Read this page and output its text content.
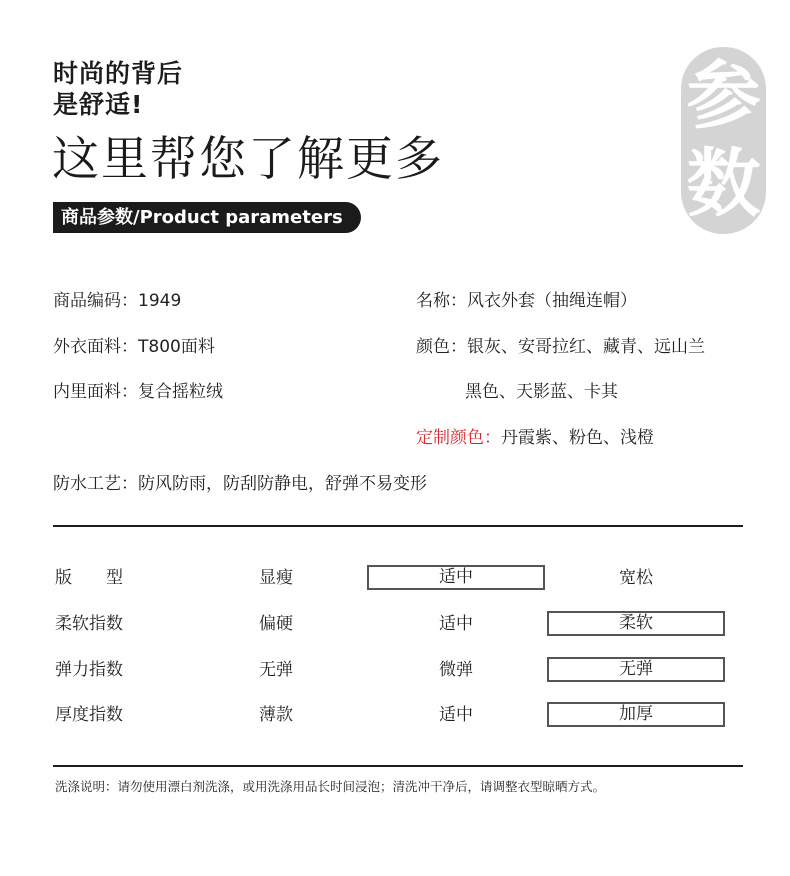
时尚的背后
是舒适!
这里帮您了解更多
商品参数/Product parameters
参
数
商品编码：1949	名称：风衣外套（抽绳连帽）
外衣面料：T800面料	颜色：银灰、安哥拉红、藏青、远山兰
内里面料：复合摇粒绒	黑色、天影蓝、卡其
定制颜色：丹霞紫、粉色、浅橙
防水工艺：防风防雨，防刮防静电，舒弹不易变形
版　　型	显瘦	适中	宽松
柔软指数	偏硬	适中	柔软
弹力指数	无弹	微弹	无弹
厚度指数	薄款	适中	加厚
洗涤说明：请勿使用漂白剂洗涤，或用洗涤用品长时间浸泡；清洗冲干净后，请调整衣型晾晒方式。
